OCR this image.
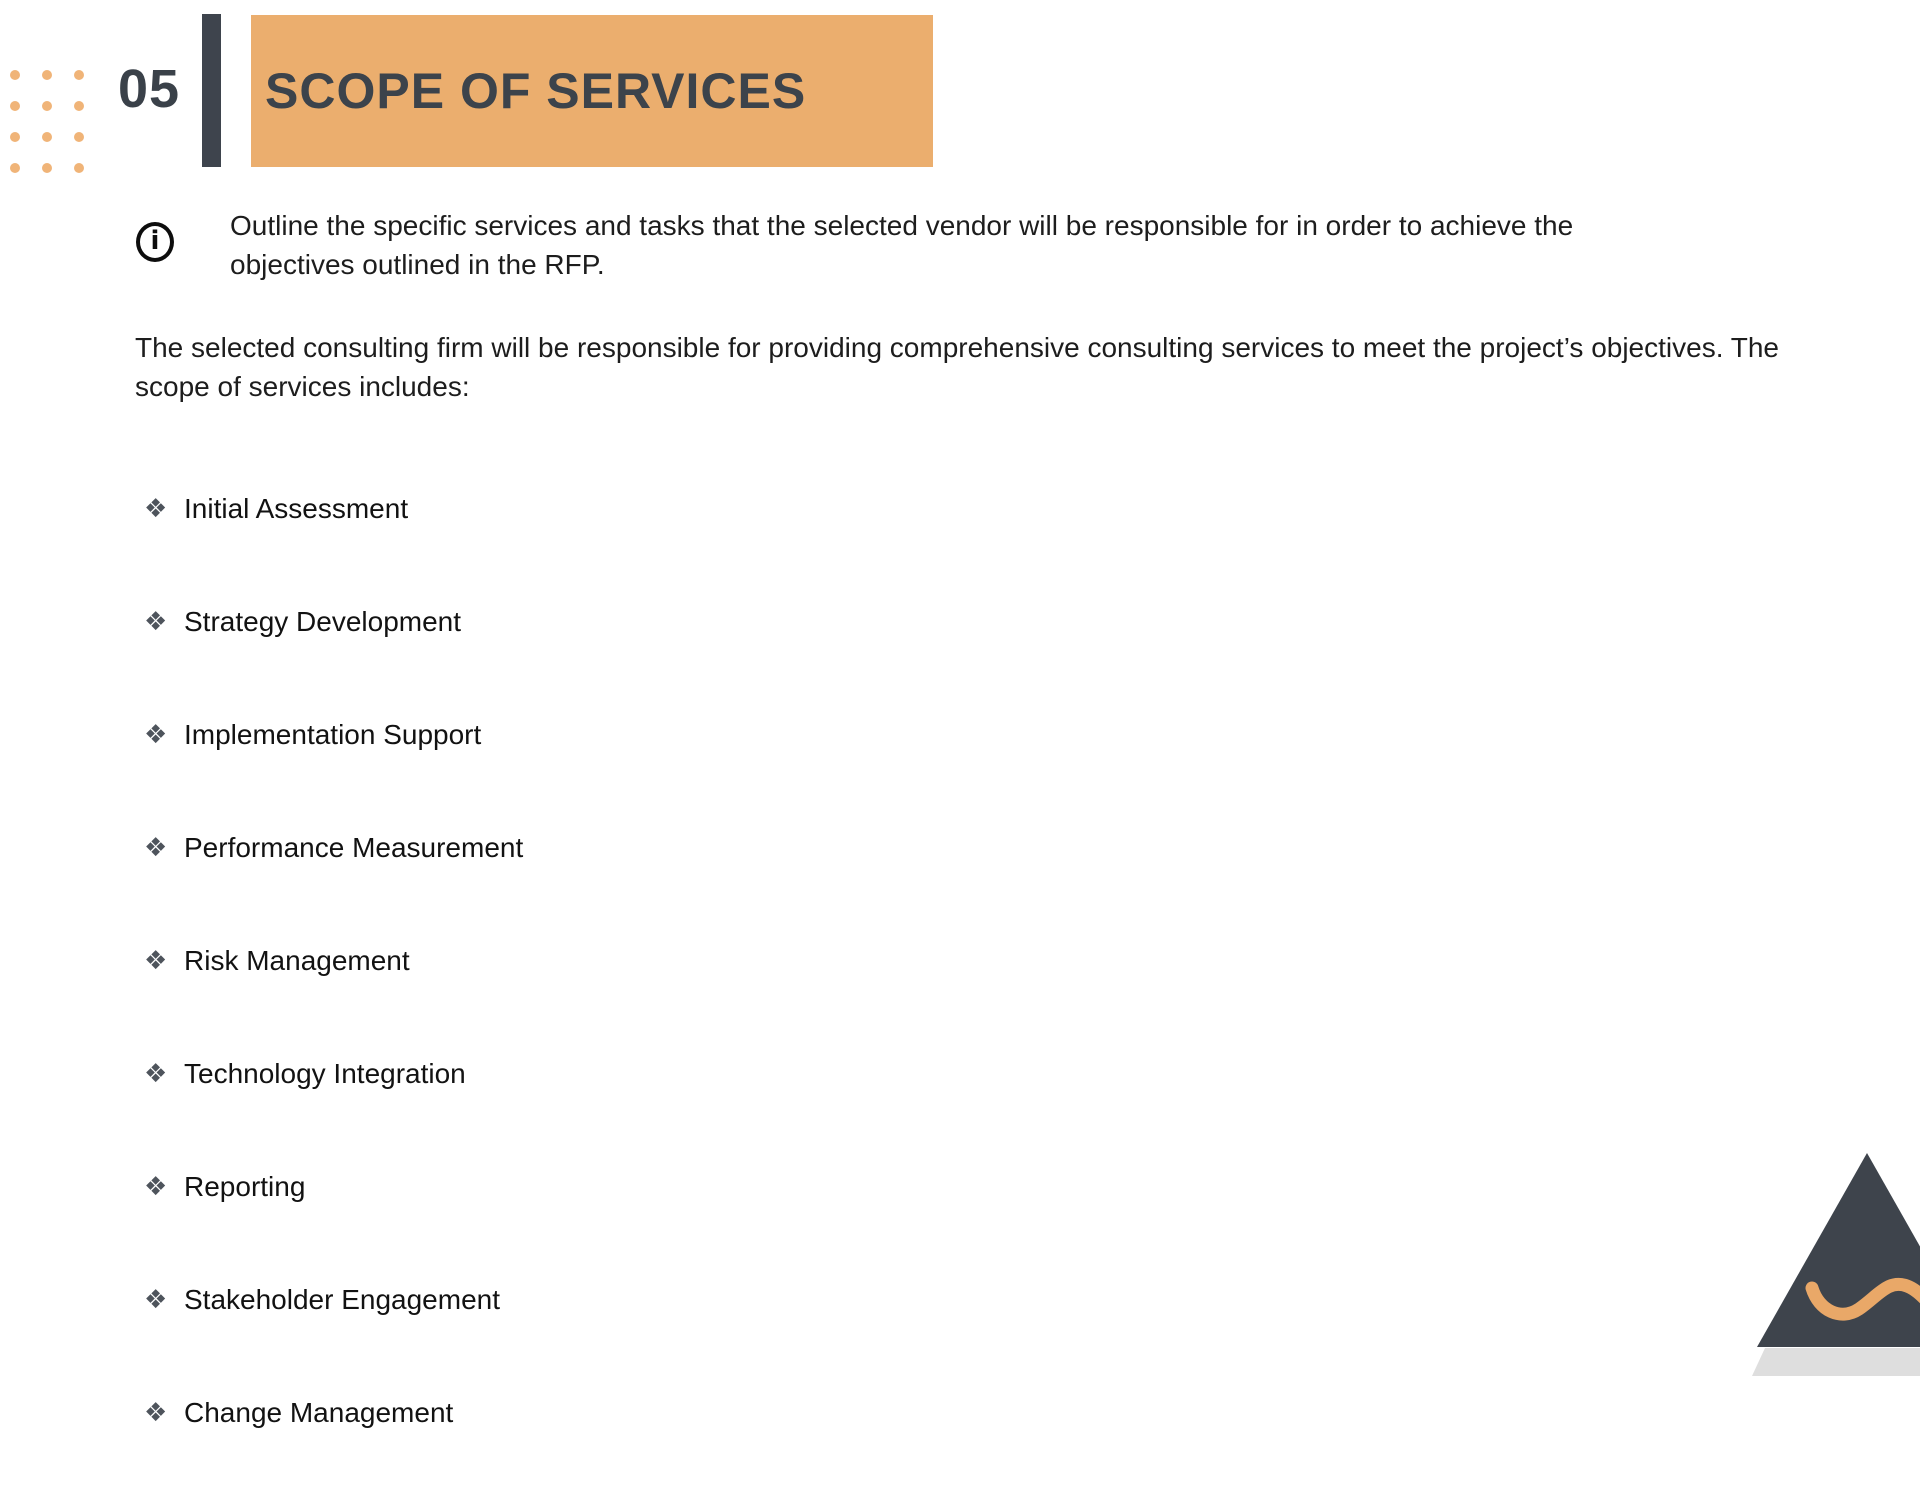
05 SCOPE OF SERVICES
i	Outline the specific services and tasks that the selected vendor will be responsible for in order to achieve the objectives outlined in the RFP.

The selected consulting firm will be responsible for providing comprehensive consulting services to meet the project’s objectives. The scope of services includes:

❖ Initial Assessment
❖ Strategy Development
❖ Implementation Support
❖ Performance Measurement
❖ Risk Management
❖ Technology Integration
❖ Reporting
❖ Stakeholder Engagement
❖ Change Management
